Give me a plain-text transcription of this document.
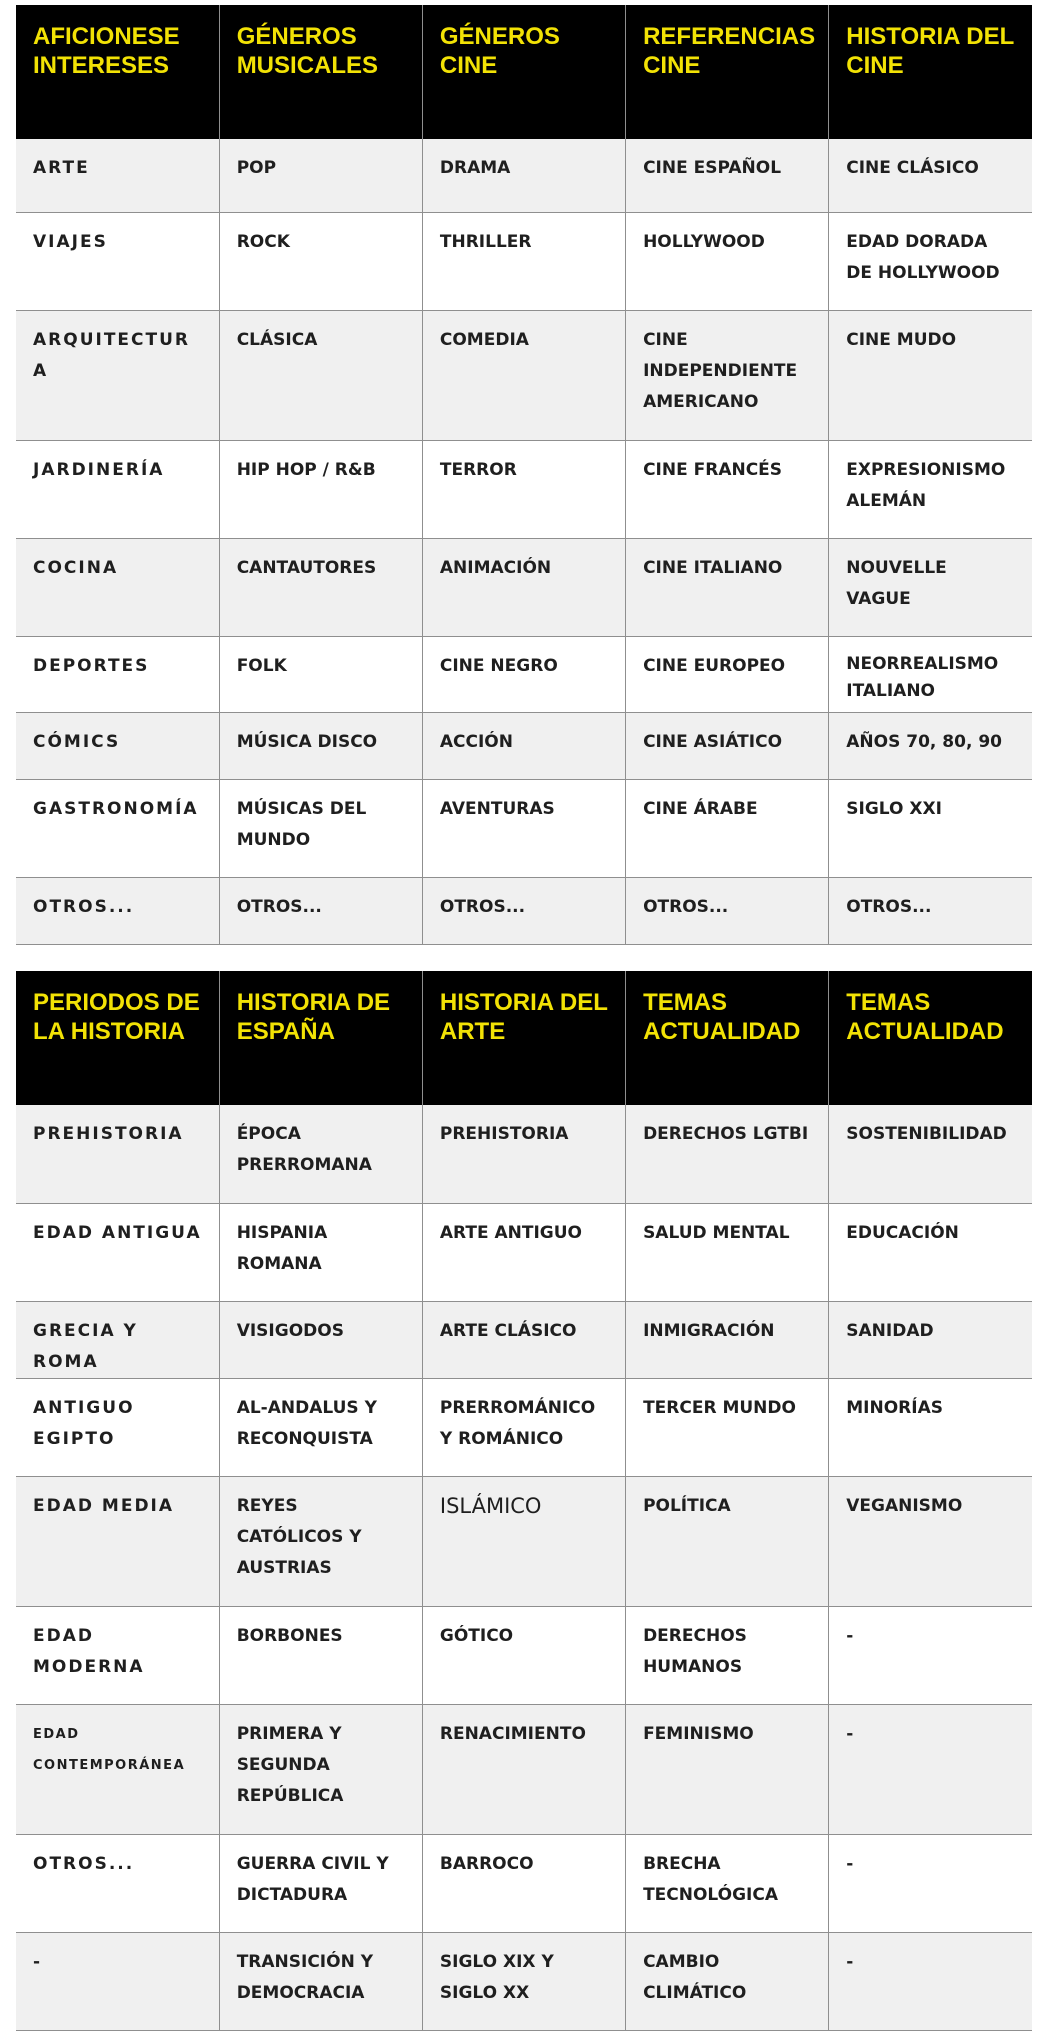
AFICIONESE INTERESES	GÉNEROS MUSICALES	GÉNEROS CINE	REFERENCIAS CINE	HISTORIA DEL CINE
ARTE	POP	DRAMA	CINE ESPAÑOL	CINE CLÁSICO
VIAJES	ROCK	THRILLER	HOLLYWOOD	EDAD DORADA DE HOLLYWOOD
ARQUITECTURA	CLÁSICA	COMEDIA	CINE INDEPENDIENTE AMERICANO	CINE MUDO
JARDINERÍA	HIP HOP / R&B	TERROR	CINE FRANCÉS	EXPRESIONISMO ALEMÁN
COCINA	CANTAUTORES	ANIMACIÓN	CINE ITALIANO	NOUVELLE VAGUE
DEPORTES	FOLK	CINE NEGRO	CINE EUROPEO	NEORREALISMO ITALIANO
CÓMICS	MÚSICA DISCO	ACCIÓN	CINE ASIÁTICO	AÑOS 70, 80, 90
GASTRONOMÍA	MÚSICAS DEL MUNDO	AVENTURAS	CINE ÁRABE	SIGLO XXI
OTROS...	OTROS...	OTROS...	OTROS...	OTROS...
PERIODOS DE LA HISTORIA	HISTORIA DE ESPAÑA	HISTORIA DEL ARTE	TEMAS ACTUALIDAD	TEMAS ACTUALIDAD
PREHISTORIA	ÉPOCA PRERROMANA	PREHISTORIA	DERECHOS LGTBI	SOSTENIBILIDAD
EDAD ANTIGUA	HISPANIA ROMANA	ARTE ANTIGUO	SALUD MENTAL	EDUCACIÓN
GRECIA Y ROMA	VISIGODOS	ARTE CLÁSICO	INMIGRACIÓN	SANIDAD
ANTIGUO EGIPTO	AL-ANDALUS Y RECONQUISTA	PRERROMÁNICO Y ROMÁNICO	TERCER MUNDO	MINORÍAS
EDAD MEDIA	REYES CATÓLICOS Y AUSTRIAS	ISLÁMICO	POLÍTICA	VEGANISMO
EDAD MODERNA	BORBONES	GÓTICO	DERECHOS HUMANOS	-
EDAD CONTEMPORÁNEA	PRIMERA Y SEGUNDA REPÚBLICA	RENACIMIENTO	FEMINISMO	-
OTROS...	GUERRA CIVIL Y DICTADURA	BARROCO	BRECHA TECNOLÓGICA	-
-	TRANSICIÓN Y DEMOCRACIA	SIGLO XIX Y SIGLO XX	CAMBIO CLIMÁTICO	-
